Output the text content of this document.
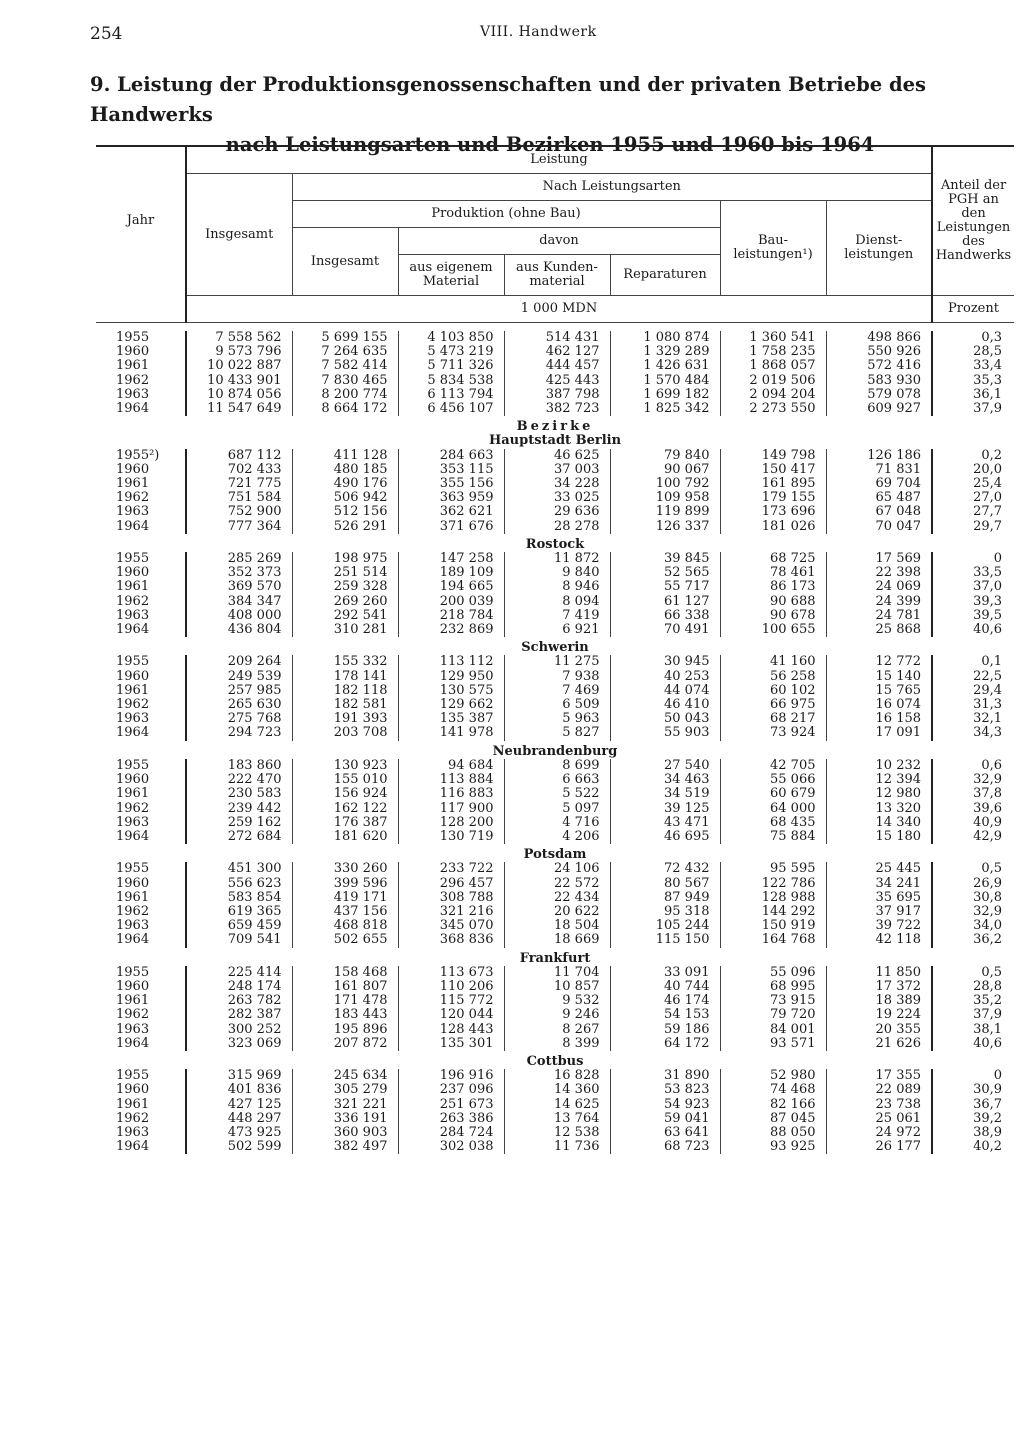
254	VIII. Handwerk
9. Leistung der Produktionsgenossenschaften und der privaten Betriebe des Handwerks
nach Leistungsarten und Bezirken 1955 und 1960 bis 1964
Jahr	Leistung							Anteil der PGH an den Leistungen des Handwerks
	Insgesamt	Nach Leistungsarten						
		Produktion (ohne Bau)				Bau- leistungen¹)	Dienst- leistungen	
		Insgesamt	davon					
			aus eigenem Material	aus Kunden- material	Reparaturen			
	1 000 MDN							Prozent

1955	7 558 562	5 699 155	4 103 850	514 431	1 080 874	1 360 541	498 866	0,3
1960	9 573 796	7 264 635	5 473 219	462 127	1 329 289	1 758 235	550 926	28,5
1961	10 022 887	7 582 414	5 711 326	444 457	1 426 631	1 868 057	572 416	33,4
1962	10 433 901	7 830 465	5 834 538	425 443	1 570 484	2 019 506	583 930	35,3
1963	10 874 056	8 200 774	6 113 794	387 798	1 699 182	2 094 204	579 078	36,1
1964	11 547 649	8 664 172	6 456 107	382 723	1 825 342	2 273 550	609 927	37,9

Bezirke								
Hauptstadt Berlin								
1955²)	687 112	411 128	284 663	46 625	79 840	149 798	126 186	0,2
1960	702 433	480 185	353 115	37 003	90 067	150 417	71 831	20,0
1961	721 775	490 176	355 156	34 228	100 792	161 895	69 704	25,4
1962	751 584	506 942	363 959	33 025	109 958	179 155	65 487	27,0
1963	752 900	512 156	362 621	29 636	119 899	173 696	67 048	27,7
1964	777 364	526 291	371 676	28 278	126 337	181 026	70 047	29,7

Rostock								
1955	285 269	198 975	147 258	11 872	39 845	68 725	17 569	0
1960	352 373	251 514	189 109	9 840	52 565	78 461	22 398	33,5
1961	369 570	259 328	194 665	8 946	55 717	86 173	24 069	37,0
1962	384 347	269 260	200 039	8 094	61 127	90 688	24 399	39,3
1963	408 000	292 541	218 784	7 419	66 338	90 678	24 781	39,5
1964	436 804	310 281	232 869	6 921	70 491	100 655	25 868	40,6

Schwerin								
1955	209 264	155 332	113 112	11 275	30 945	41 160	12 772	0,1
1960	249 539	178 141	129 950	7 938	40 253	56 258	15 140	22,5
1961	257 985	182 118	130 575	7 469	44 074	60 102	15 765	29,4
1962	265 630	182 581	129 662	6 509	46 410	66 975	16 074	31,3
1963	275 768	191 393	135 387	5 963	50 043	68 217	16 158	32,1
1964	294 723	203 708	141 978	5 827	55 903	73 924	17 091	34,3

Neubrandenburg								
1955	183 860	130 923	94 684	8 699	27 540	42 705	10 232	0,6
1960	222 470	155 010	113 884	6 663	34 463	55 066	12 394	32,9
1961	230 583	156 924	116 883	5 522	34 519	60 679	12 980	37,8
1962	239 442	162 122	117 900	5 097	39 125	64 000	13 320	39,6
1963	259 162	176 387	128 200	4 716	43 471	68 435	14 340	40,9
1964	272 684	181 620	130 719	4 206	46 695	75 884	15 180	42,9

Potsdam								
1955	451 300	330 260	233 722	24 106	72 432	95 595	25 445	0,5
1960	556 623	399 596	296 457	22 572	80 567	122 786	34 241	26,9
1961	583 854	419 171	308 788	22 434	87 949	128 988	35 695	30,8
1962	619 365	437 156	321 216	20 622	95 318	144 292	37 917	32,9
1963	659 459	468 818	345 070	18 504	105 244	150 919	39 722	34,0
1964	709 541	502 655	368 836	18 669	115 150	164 768	42 118	36,2

Frankfurt								
1955	225 414	158 468	113 673	11 704	33 091	55 096	11 850	0,5
1960	248 174	161 807	110 206	10 857	40 744	68 995	17 372	28,8
1961	263 782	171 478	115 772	9 532	46 174	73 915	18 389	35,2
1962	282 387	183 443	120 044	9 246	54 153	79 720	19 224	37,9
1963	300 252	195 896	128 443	8 267	59 186	84 001	20 355	38,1
1964	323 069	207 872	135 301	8 399	64 172	93 571	21 626	40,6

Cottbus								
1955	315 969	245 634	196 916	16 828	31 890	52 980	17 355	0
1960	401 836	305 279	237 096	14 360	53 823	74 468	22 089	30,9
1961	427 125	321 221	251 673	14 625	54 923	82 166	23 738	36,7
1962	448 297	336 191	263 386	13 764	59 041	87 045	25 061	39,2
1963	473 925	360 903	284 724	12 538	63 641	88 050	24 972	38,9
1964	502 599	382 497	302 038	11 736	68 723	93 925	26 177	40,2
